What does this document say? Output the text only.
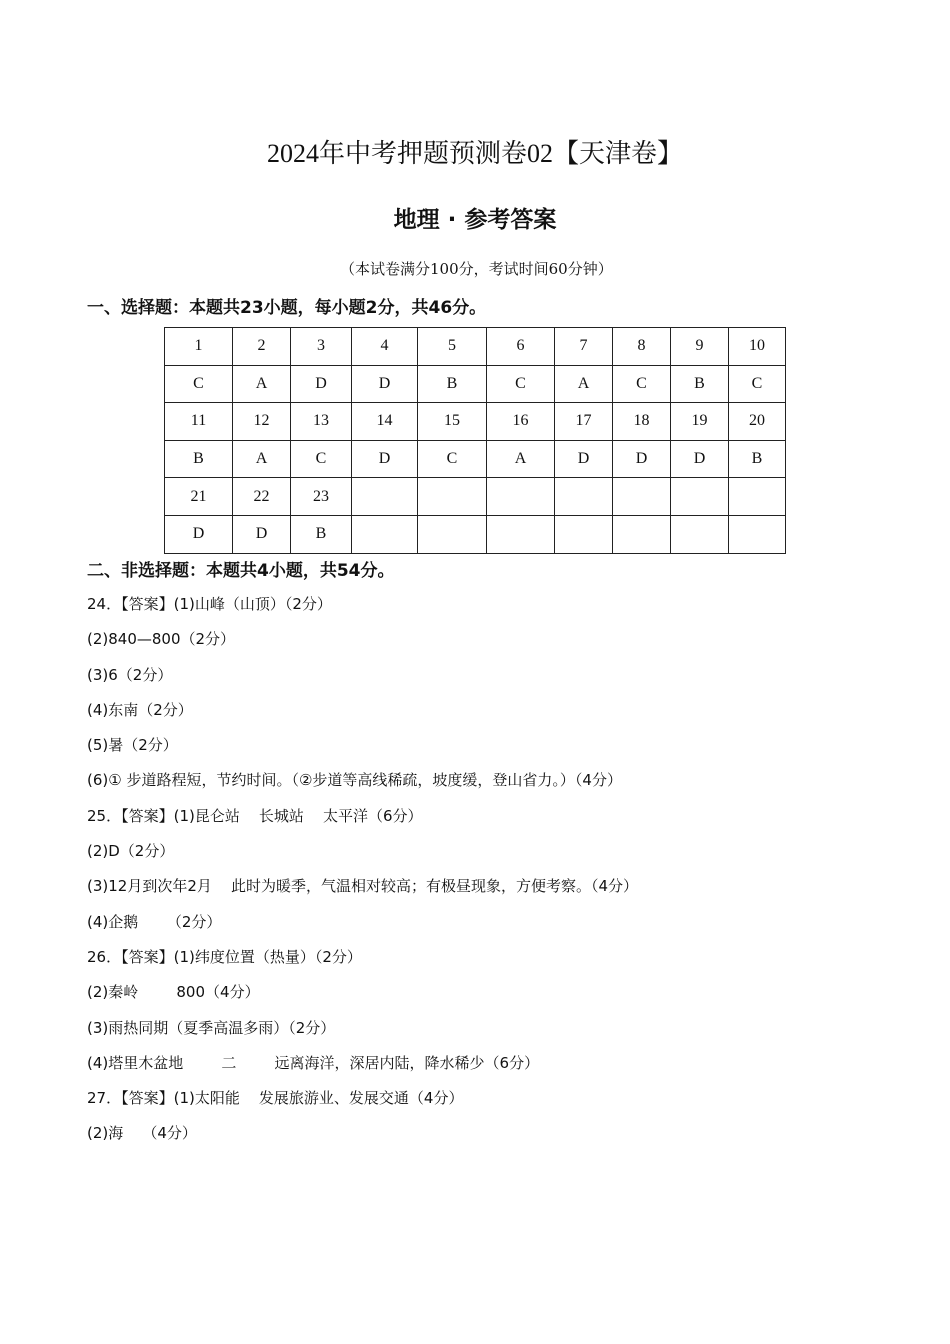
2024年中考押题预测卷02【天津卷】
地理 · 参考答案
（本试卷满分100分，考试时间60分钟）
一、选择题：本题共23小题，每小题2分，共46分。
1	2	3	4	5	6	7	8	9	10
C	A	D	D	B	C	A	C	B	C
11	12	13	14	15	16	17	18	19	20
B	A	C	D	C	A	D	D	D	B
21	22	23							
D	D	B							
二、非选择题：本题共4小题，共54分。
24．【答案】(1)山峰（山顶）（2分）
(2)840—800（2分）
(3)6（2分）
(4)东南（2分）
(5)暑（2分）
(6)① 步道路程短，节约时间。（②步道等高线稀疏，坡度缓，登山省力。）（4分）
25．【答案】(1)昆仑站    长城站    太平洋（6分）
(2)D（2分）
(3)12月到次年2月    此时为暖季，气温相对较高；有极昼现象，方便考察。（4分）
(4)企鹅      （2分）
26．【答案】(1)纬度位置（热量）（2分）
(2)秦岭        800（4分）
(3)雨热同期（夏季高温多雨）（2分）
(4)塔里木盆地        二        远离海洋，深居内陆，降水稀少（6分）
27．【答案】(1)太阳能    发展旅游业、发展交通（4分）
(2)海    （4分）
